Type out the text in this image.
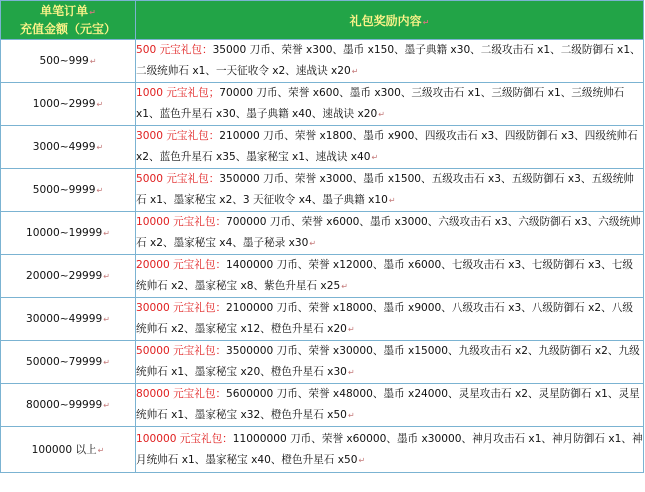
单笔订单↵
充值金额（元宝）	礼包奖励内容↵
500~999↵	500 元宝礼包：35000 刀币、荣誉 x300、墨币 x150、墨子典籍 x30、二级攻击石 x1、二级防御石 x1、二级统帅石 x1、一天征收令 x2、速战诀 x20↵
1000~2999↵	1000 元宝礼包；70000 刀币、荣誉 x600、墨币 x300、三级攻击石 x1、三级防御石 x1、三级统帅石 x1、蓝色升星石 x30、墨子典籍 x40、速战诀 x20↵
3000~4999↵	3000 元宝礼包：210000 刀币、荣誉 x1800、墨币 x900、四级攻击石 x3、四级防御石 x3、四级统帅石 x2、蓝色升星石 x35、墨家秘宝 x1、速战诀 x40↵
5000~9999↵	5000 元宝礼包：350000 刀币、荣誉 x3000、墨币 x1500、五级攻击石 x3、五级防御石 x3、五级统帅石 x1、墨家秘宝 x2、3 天征收令 x4、墨子典籍 x10↵
10000~19999↵	10000 元宝礼包：700000 刀币、荣誉 x6000、墨币 x3000、六级攻击石 x3、六级防御石 x3、六级统帅石 x2、墨家秘宝 x4、墨子秘录 x30↵
20000~29999↵	20000 元宝礼包：1400000 刀币、荣誉 x12000、墨币 x6000、七级攻击石 x3、七级防御石 x3、七级统帅石 x2、墨家秘宝 x8、紫色升星石 x25↵
30000~49999↵	30000 元宝礼包：2100000 刀币、荣誉 x18000、墨币 x9000、八级攻击石 x3、八级防御石 x2、八级统帅石 x2、墨家秘宝 x12、橙色升星石 x20↵
50000~79999↵	50000 元宝礼包：3500000 刀币、荣誉 x30000、墨币 x15000、九级攻击石 x2、九级防御石 x2、九级统帅石 x1、墨家秘宝 x20、橙色升星石 x30↵
80000~99999↵	80000 元宝礼包：5600000 刀币、荣誉 x48000、墨币 x24000、灵星攻击石 x2、灵星防御石 x1、灵星统帅石 x1、墨家秘宝 x32、橙色升星石 x50↵
100000 以上↵	100000 元宝礼包：11000000 刀币、荣誉 x60000、墨币 x30000、神月攻击石 x1、神月防御石 x1、神月统帅石 x1、墨家秘宝 x40、橙色升星石 x50↵
